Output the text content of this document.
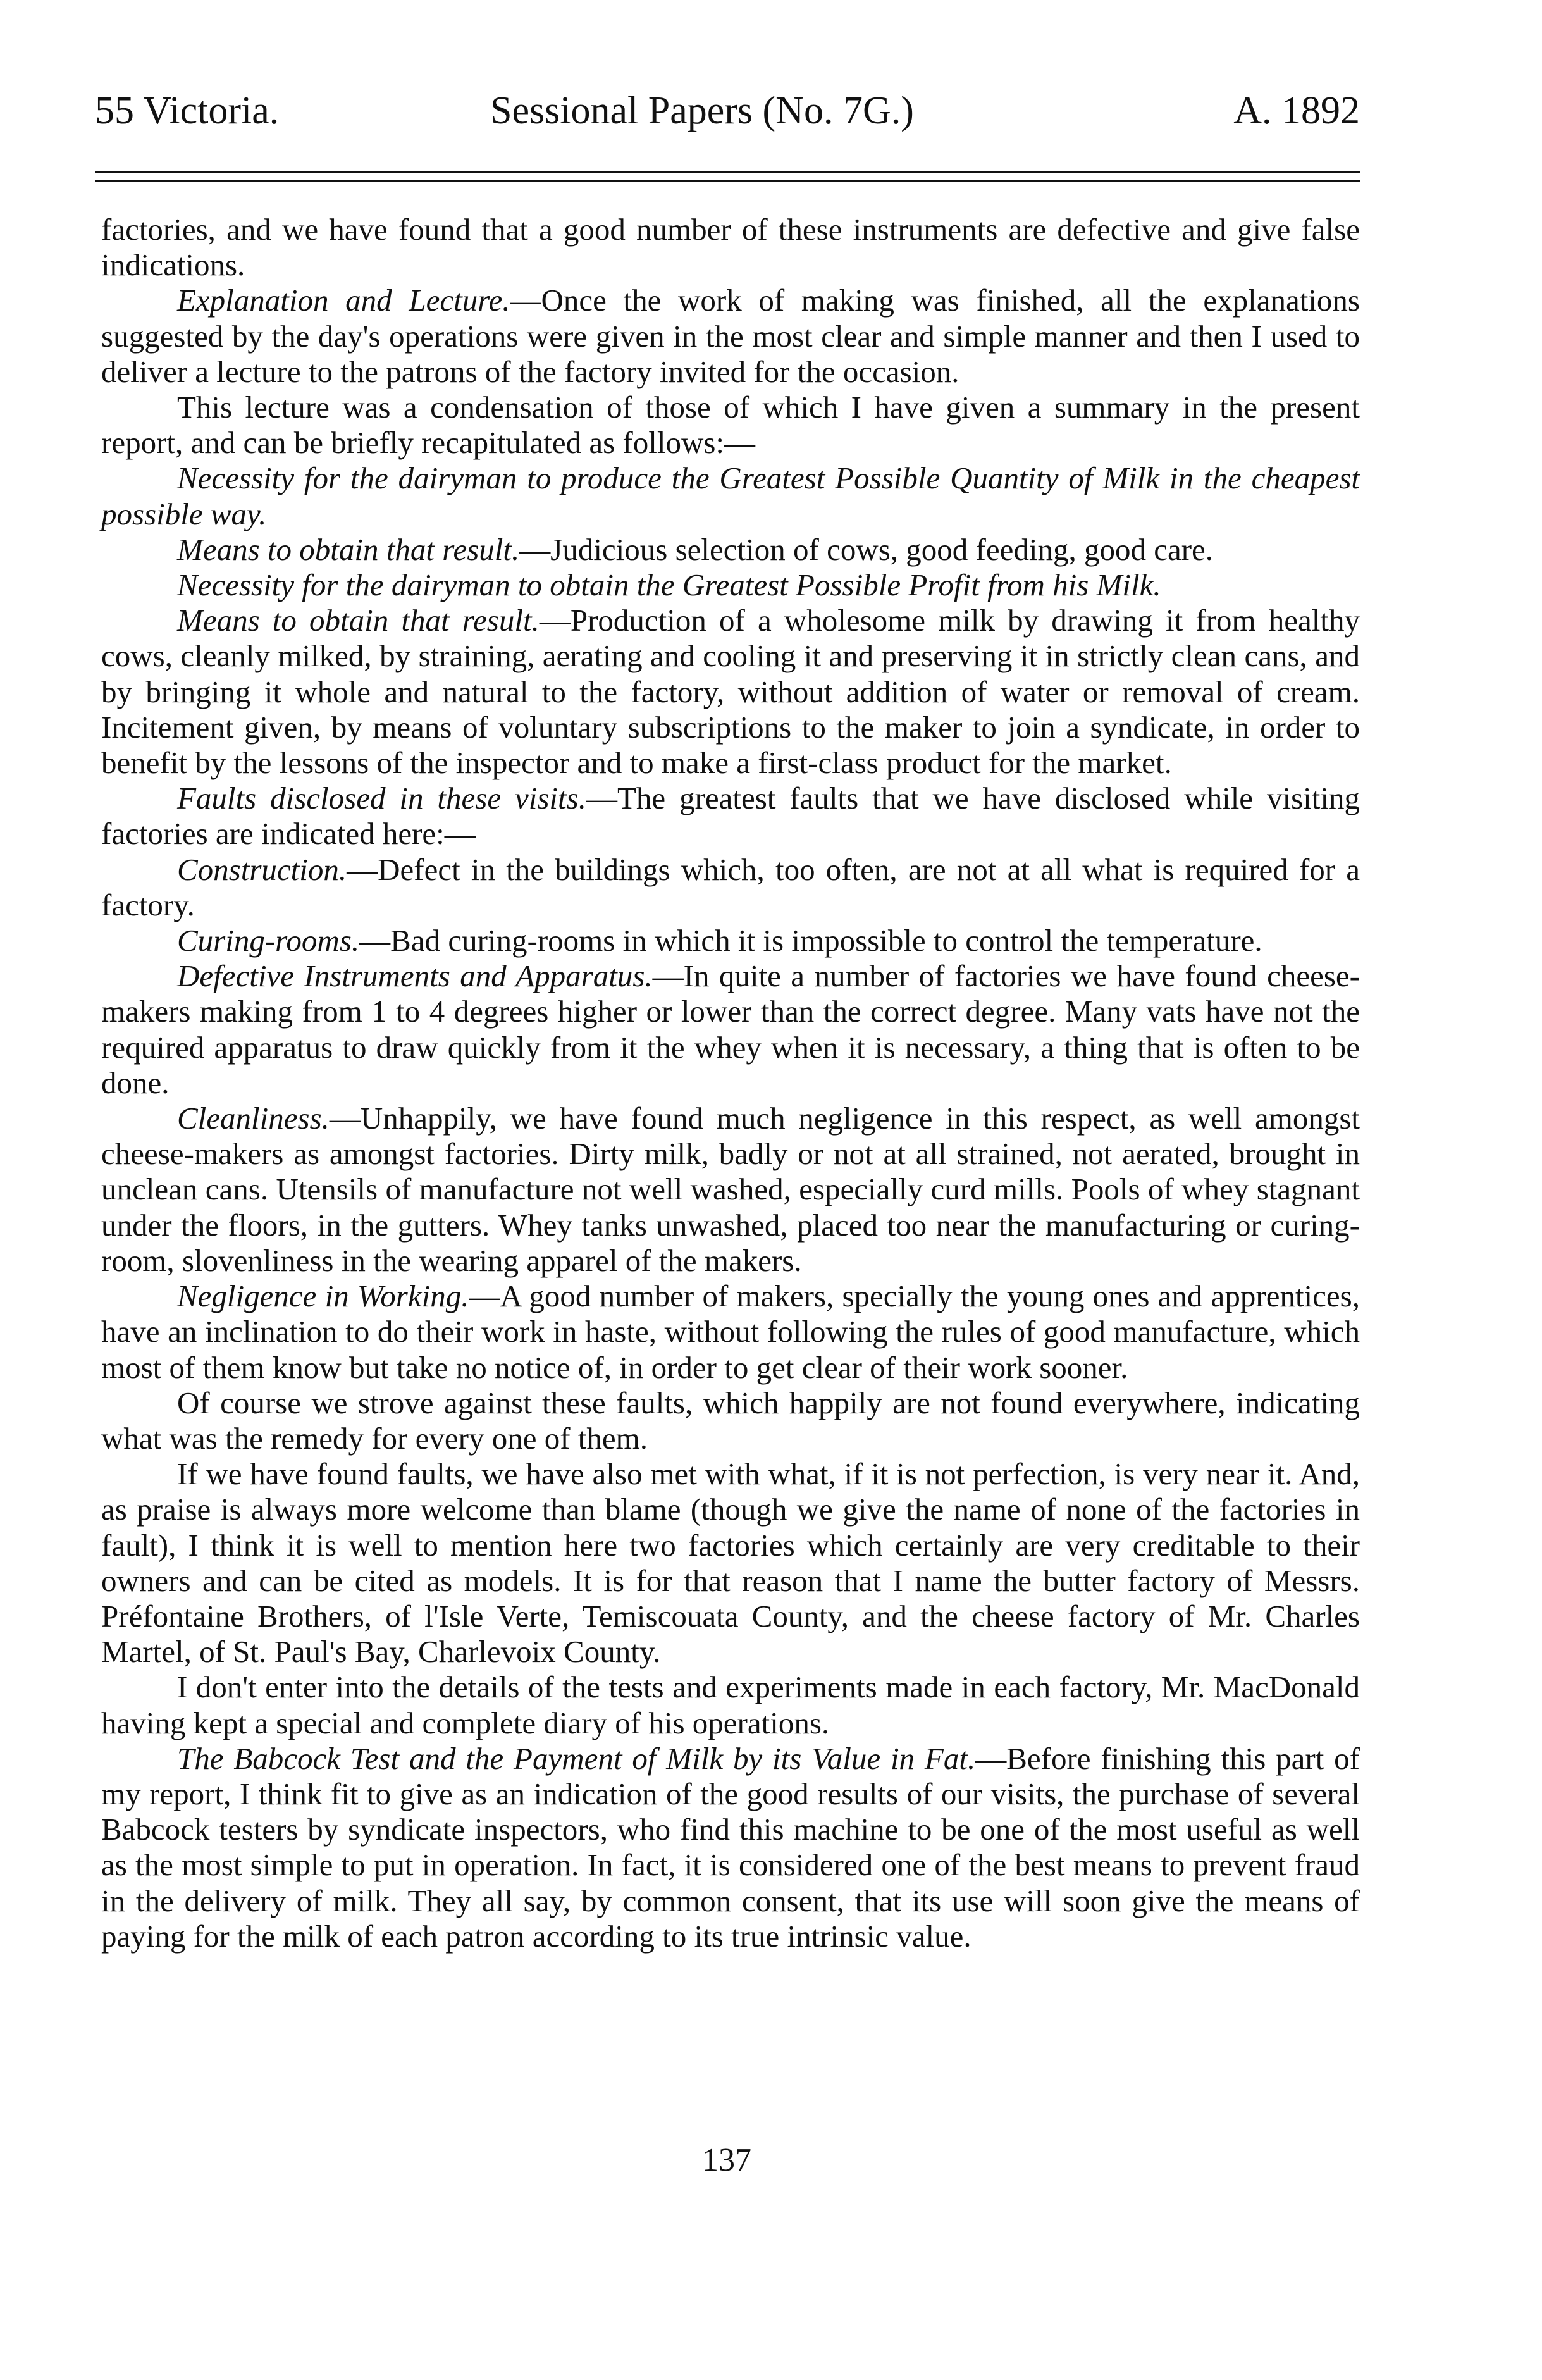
55 Victoria.	Sessional Papers (No. 7G.)	A. 1892

factories, and we have found that a good number of these instruments are defective and give false indications.

Explanation and Lecture.—Once the work of making was finished, all the explanations suggested by the day's operations were given in the most clear and simple manner and then I used to deliver a lecture to the patrons of the factory invited for the occasion.

This lecture was a condensation of those of which I have given a summary in the present report, and can be briefly recapitulated as follows:—

Necessity for the dairyman to produce the Greatest Possible Quantity of Milk in the cheapest possible way.

Means to obtain that result.—Judicious selection of cows, good feeding, good care.

Necessity for the dairyman to obtain the Greatest Possible Profit from his Milk.

Means to obtain that result.—Production of a wholesome milk by drawing it from healthy cows, cleanly milked, by straining, aerating and cooling it and preserving it in strictly clean cans, and by bringing it whole and natural to the factory, without addition of water or removal of cream. Incitement given, by means of voluntary subscriptions to the maker to join a syndicate, in order to benefit by the lessons of the inspector and to make a first-class product for the market.

Faults disclosed in these visits.—The greatest faults that we have disclosed while visiting factories are indicated here:—

Construction.—Defect in the buildings which, too often, are not at all what is required for a factory.

Curing-rooms.—Bad curing-rooms in which it is impossible to control the temperature.

Defective Instruments and Apparatus.—In quite a number of factories we have found cheese-makers making from 1 to 4 degrees higher or lower than the correct degree. Many vats have not the required apparatus to draw quickly from it the whey when it is necessary, a thing that is often to be done.

Cleanliness.—Unhappily, we have found much negligence in this respect, as well amongst cheese-makers as amongst factories. Dirty milk, badly or not at all strained, not aerated, brought in unclean cans. Utensils of manufacture not well washed, especially curd mills. Pools of whey stagnant under the floors, in the gutters. Whey tanks unwashed, placed too near the manufacturing or curing-room, slovenliness in the wearing apparel of the makers.

Negligence in Working.—A good number of makers, specially the young ones and apprentices, have an inclination to do their work in haste, without following the rules of good manufacture, which most of them know but take no notice of, in order to get clear of their work sooner.

Of course we strove against these faults, which happily are not found everywhere, indicating what was the remedy for every one of them.

If we have found faults, we have also met with what, if it is not perfection, is very near it. And, as praise is always more welcome than blame (though we give the name of none of the factories in fault), I think it is well to mention here two factories which certainly are very creditable to their owners and can be cited as models. It is for that reason that I name the butter factory of Messrs. Préfontaine Brothers, of l'Isle Verte, Temiscouata County, and the cheese factory of Mr. Charles Martel, of St. Paul's Bay, Charlevoix County.

I don't enter into the details of the tests and experiments made in each factory, Mr. MacDonald having kept a special and complete diary of his operations.

The Babcock Test and the Payment of Milk by its Value in Fat.—Before finishing this part of my report, I think fit to give as an indication of the good results of our visits, the purchase of several Babcock testers by syndicate inspectors, who find this machine to be one of the most useful as well as the most simple to put in operation. In fact, it is considered one of the best means to prevent fraud in the delivery of milk. They all say, by common consent, that its use will soon give the means of paying for the milk of each patron according to its true intrinsic value.

137
